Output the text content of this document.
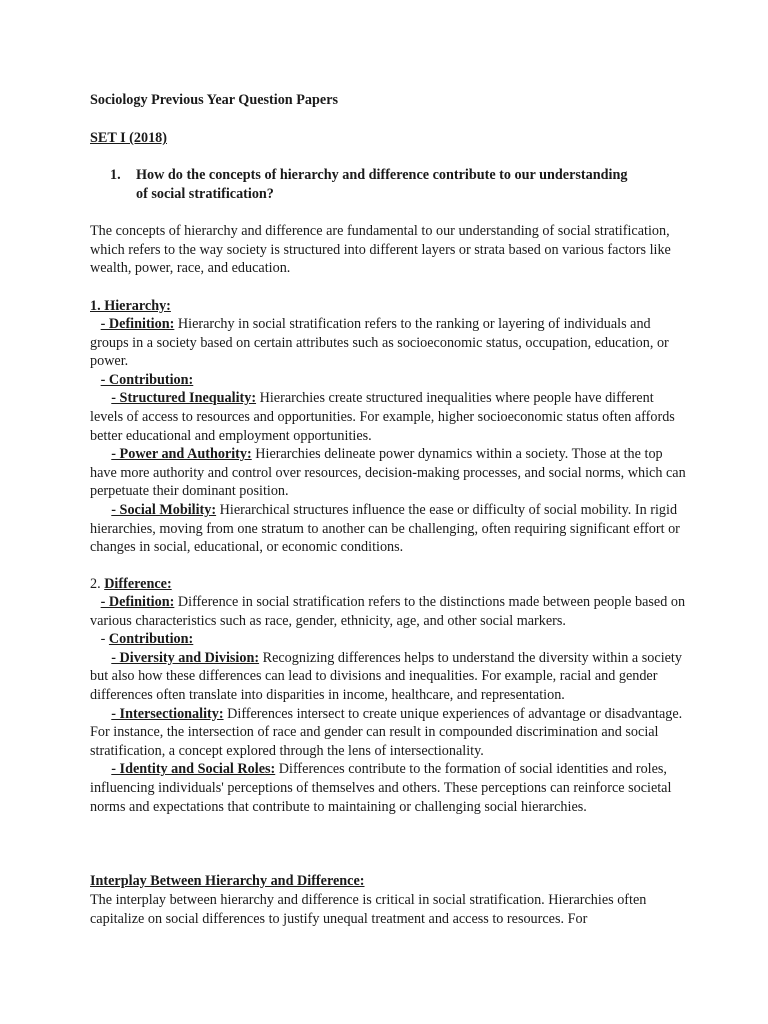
Sociology Previous Year Question Papers

SET I (2018)

1.	How do the concepts of hierarchy and difference contribute to our understanding of social stratification?

The concepts of hierarchy and difference are fundamental to our understanding of social stratification, which refers to the way society is structured into different layers or strata based on various factors like wealth, power, race, and education.

1. Hierarchy:

- Definition: Hierarchy in social stratification refers to the ranking or layering of individuals and groups in a society based on certain attributes such as socioeconomic status, occupation, education, or power.
- Contribution:
- Structured Inequality: Hierarchies create structured inequalities where people have different levels of access to resources and opportunities. For example, higher socioeconomic status often affords better educational and employment opportunities.
- Power and Authority: Hierarchies delineate power dynamics within a society. Those at the top have more authority and control over resources, decision-making processes, and social norms, which can perpetuate their dominant position.
- Social Mobility: Hierarchical structures influence the ease or difficulty of social mobility. In rigid hierarchies, moving from one stratum to another can be challenging, often requiring significant effort or changes in social, educational, or economic conditions.

2. Difference:

- Definition: Difference in social stratification refers to the distinctions made between people based on various characteristics such as race, gender, ethnicity, age, and other social markers.
- Contribution:
- Diversity and Division: Recognizing differences helps to understand the diversity within a society but also how these differences can lead to divisions and inequalities. For example, racial and gender differences often translate into disparities in income, healthcare, and representation.
- Intersectionality: Differences intersect to create unique experiences of advantage or disadvantage. For instance, the intersection of race and gender can result in compounded discrimination and social stratification, a concept explored through the lens of intersectionality.
- Identity and Social Roles: Differences contribute to the formation of social identities and roles, influencing individuals' perceptions of themselves and others. These perceptions can reinforce societal norms and expectations that contribute to maintaining or challenging social hierarchies.

Interplay Between Hierarchy and Difference:

The interplay between hierarchy and difference is critical in social stratification. Hierarchies often capitalize on social differences to justify unequal treatment and access to resources. For
